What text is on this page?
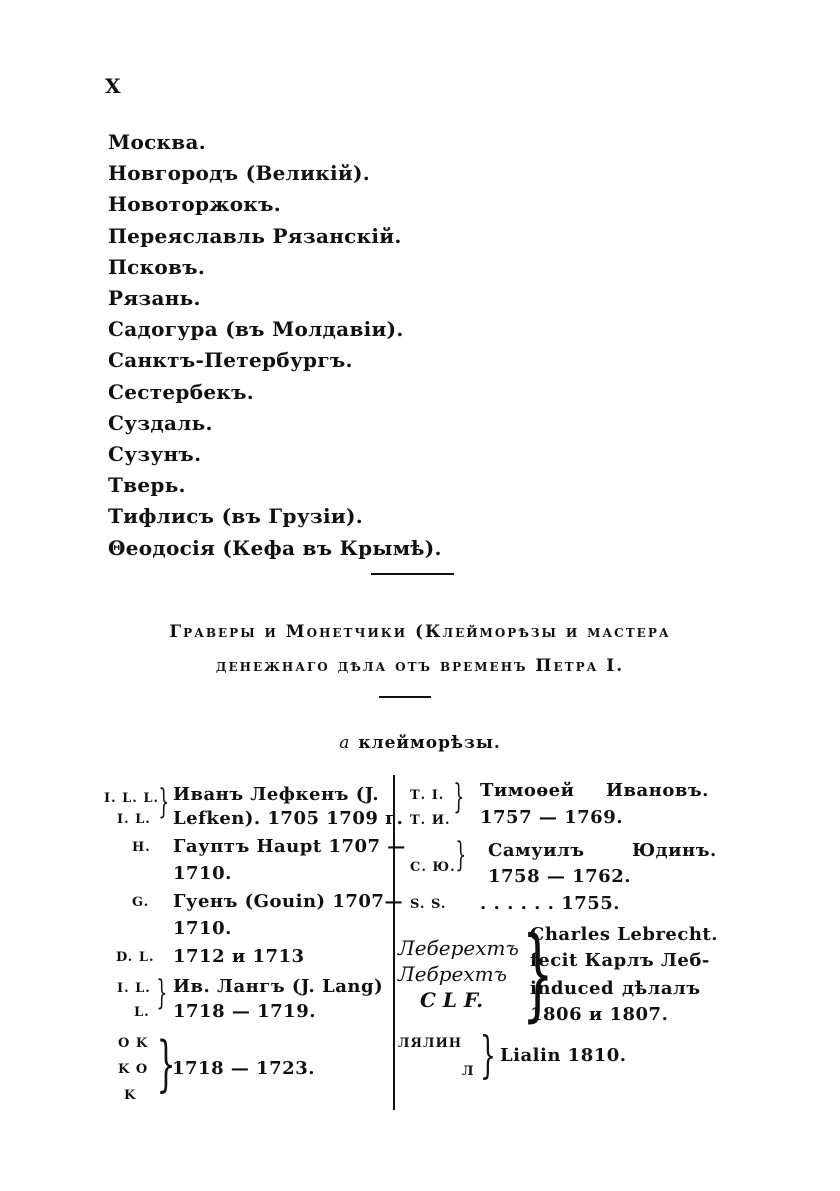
X
Москва.
Новгородъ (Великій).
Новоторжокъ.
Переяславль Рязанскій.
Псковъ.
Рязань.
Садогура (въ Молдавіи).
Санктъ-Петербургъ.
Сестербекъ.
Суздаль.
Сузунъ.
Тверь.
Тифлисъ (въ Грузіи).
Θеодосія (Кефа въ Крымѣ).
Граверы и Монетчики (Клейморѣзы и мастера
денежнаго дѣла отъ временъ Петра I.
a клейморѣзы.
I. L. L.
I. L. } Иванъ Лефкенъ (J.
Lefken). 1705 1709 г.
H. Гауптъ Haupt 1707 —
1710.
G. Гуенъ (Gouin) 1707—
1710.
D. L. 1712 и 1713
I. L.
L. } Ив. Лангъ (J. Lang)
1718 — 1719.
O K
K O
K }
1718 — 1723.
Т. I.
Т. И.
} Тимоѳей Ивановъ.
1757 — 1769.
С. Ю. } Самуилъ	Юдинъ.
1758 — 1762.
S. S. . . . . . . 1755.
Леберехтъ
Лебрехтъ
C L F. }
Charles Lebrecht.
fecit Карлъ Леб-
induced дѣлалъ
1806 и 1807.
ЛЯЛИН
Л } Lialin 1810.
